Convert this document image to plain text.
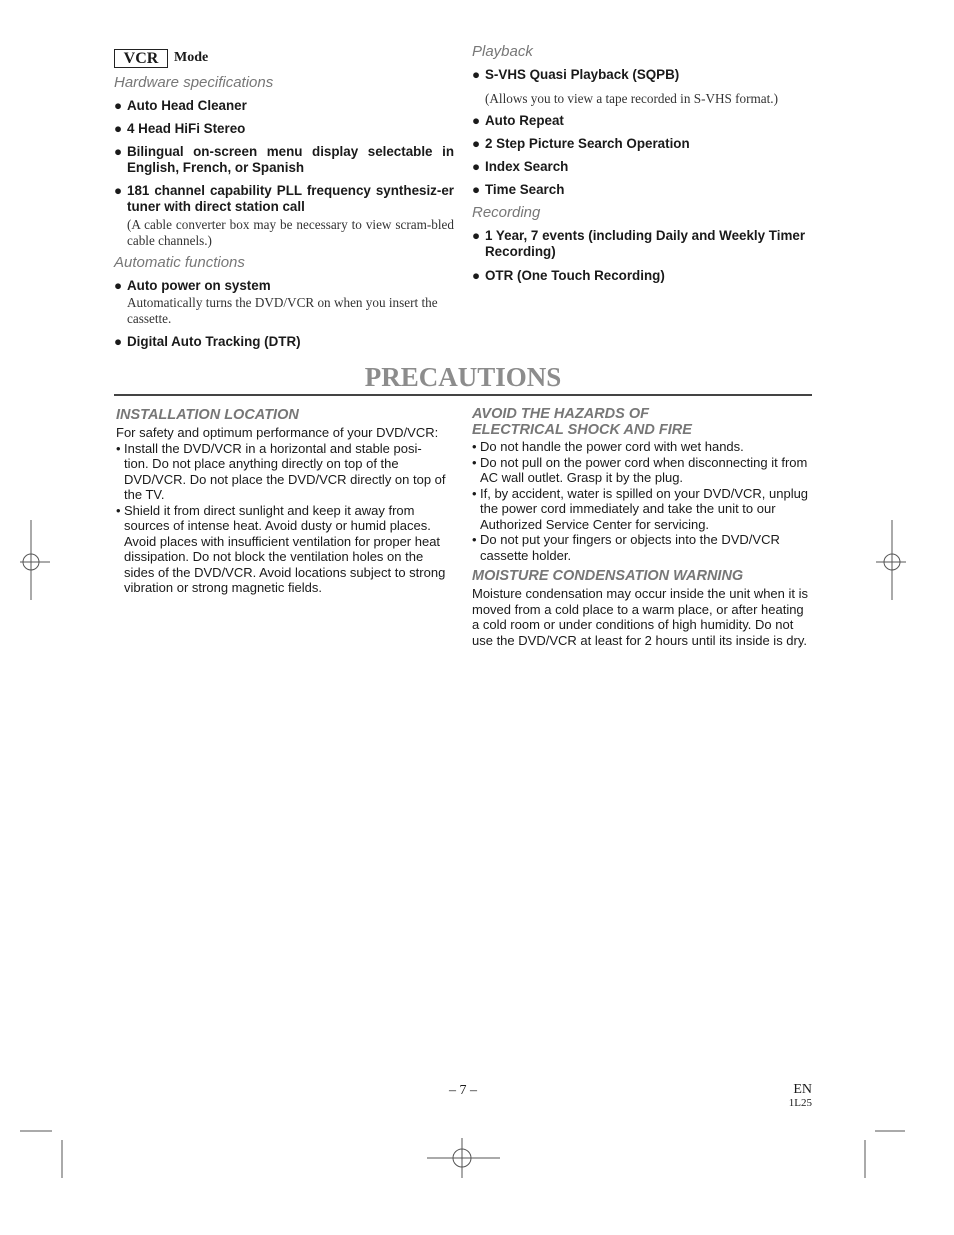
VCR	Mode
Hardware specifications
● Auto Head Cleaner
● 4 Head HiFi Stereo
● Bilingual on-screen menu display selectable in English, French, or Spanish
● 181 channel capability PLL frequency synthesiz-er tuner with direct station call
(A cable converter box may be necessary to view scram-bled cable channels.)
Automatic functions
● Auto power on system
Automatically turns the DVD/VCR on when you insert the cassette.
● Digital Auto Tracking (DTR)
Playback
● S-VHS Quasi Playback (SQPB)
(Allows you to view a tape recorded in S-VHS format.)
● Auto Repeat
● 2 Step Picture Search Operation
● Index Search
● Time Search
Recording
● 1 Year, 7 events (including Daily and Weekly Timer Recording)
● OTR (One Touch Recording)
PRECAUTIONS
INSTALLATION LOCATION
For safety and optimum performance of your DVD/VCR:
• Install the DVD/VCR in a horizontal and stable posi-tion. Do not place anything directly on top of the DVD/VCR. Do not place the DVD/VCR directly on top of the TV.
• Shield it from direct sunlight and keep it away from sources of intense heat. Avoid dusty or humid places. Avoid places with insufficient ventilation for proper heat dissipation. Do not block the ventilation holes on the sides of the DVD/VCR. Avoid locations subject to strong vibration or strong magnetic fields.
AVOID THE HAZARDS OF
ELECTRICAL SHOCK AND FIRE
• Do not handle the power cord with wet hands.
• Do not pull on the power cord when disconnecting it from AC wall outlet. Grasp it by the plug.
• If, by accident, water is spilled on your DVD/VCR, unplug the power cord immediately and take the unit to our Authorized Service Center for servicing.
• Do not put your fingers or objects into the DVD/VCR cassette holder.
MOISTURE CONDENSATION WARNING
Moisture condensation may occur inside the unit when it is moved from a cold place to a warm place, or after heating a cold room or under conditions of high humidity. Do not use the DVD/VCR at least for 2 hours until its inside is dry.
– 7 –	EN
1L25
